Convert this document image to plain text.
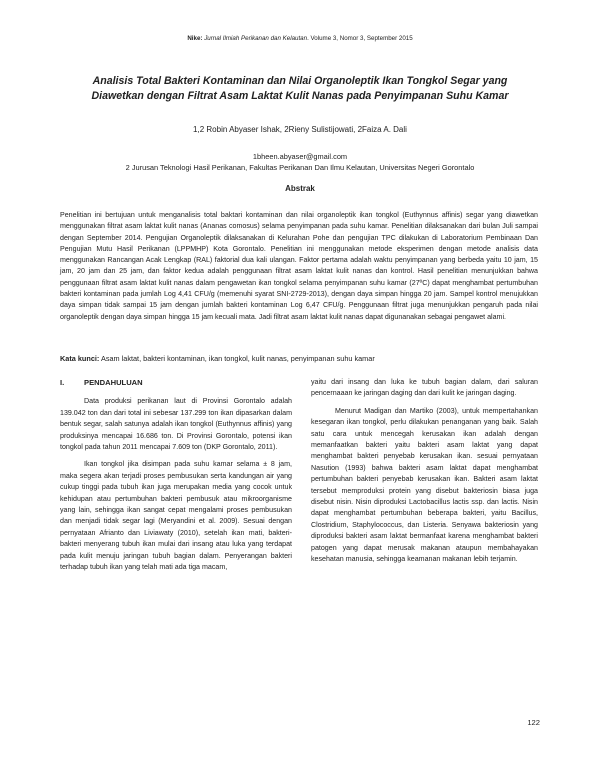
Nike: Jurnal Ilmiah Perikanan dan Kelautan. Volume 3, Nomor 3, September 2015
Analisis Total Bakteri Kontaminan dan Nilai Organoleptik Ikan Tongkol Segar yang
Diawetkan dengan Filtrat Asam Laktat Kulit Nanas pada Penyimpanan Suhu Kamar
1,2 Robin Abyaser Ishak, 2Rieny Sulistijowati, 2Faiza A. Dali
1bheen.abyaser@gmail.com
2 Jurusan Teknologi Hasil Perikanan, Fakultas Perikanan Dan Ilmu Kelautan, Universitas Negeri Gorontalo
Abstrak
Penelitian ini bertujuan untuk menganalisis total baktari kontaminan dan nilai organoleptik ikan tongkol (Euthynnus affinis) segar yang diawetkan menggunakan filtrat asam laktat kulit nanas (Ananas comosus) selama penyimpanan pada suhu kamar. Penelitian dilaksanakan dari bulan Juli sampai dengan September 2014. Pengujian Organoleptik dilaksanakan di Kelurahan Pohe dan pengujian TPC dilakukan di Laboratorium Pembinaan Dan Pengujian Mutu Hasil Perikanan (LPPMHP) Kota Gorontalo. Penelitian ini menggunakan metode eksperimen dengan metode analisis data menggunakan Rancangan Acak Lengkap (RAL) faktorial dua kali ulangan. Faktor pertama adalah waktu penyimpanan yang berbeda yaitu 10 jam, 15 jam, 20 jam dan 25 jam, dan faktor kedua adalah penggunaan filtrat asam laktat kulit nanas dan kontrol. Hasil penelitian menunjukkan bahwa penggunaan filtrat asam laktat kulit nanas dalam pengawetan ikan tongkol selama penyimpanan suhu kamar (27ºC) dapat menghambat pertumbuhan bakteri kontaminan pada jumlah Log 4,41 CFU/g (memenuhi syarat SNI-2729-2013), dengan daya simpan hingga 20 jam. Sampel kontrol menujukkan daya simpan tidak sampai 15 jam dengan jumlah bakteri kontaminan Log 6,47 CFU/g. Penggunaan filtrat juga menunjukkan pengaruh pada nilai organoleptik dengan daya simpan hingga 15 jam kecuali mata. Jadi filtrat asam laktat kulit nanas dapat digunanakan sebagai pengawet alami.
Kata kunci: Asam laktat, bakteri kontaminan, ikan tongkol, kulit nanas, penyimpanan suhu kamar
I.	PENDAHULUAN

Data produksi perikanan laut di Provinsi Gorontalo adalah 139.042 ton dan dari total ini sebesar 137.299 ton ikan dipasarkan dalam bentuk segar, salah satunya adalah ikan tongkol (Euthynnus affinis) yang produksinya mencapai 16.686 ton. Di Provinsi Gorontalo, potensi ikan tongkol pada tahun 2011 mencapai 7.609 ton (DKP Gorontalo, 2011).

Ikan tongkol jika disimpan pada suhu kamar selama ± 8 jam, maka segera akan terjadi proses pembusukan serta kandungan air yang cukup tinggi pada tubuh ikan juga merupakan media yang cocok untuk kehidupan atau pertumbuhan bakteri pembusuk atau mikroorganisme yang lain, sehingga ikan sangat cepat mengalami proses pembusukan dan menjadi tidak segar lagi (Meryandini et al. 2009). Sesuai dengan pernyataan Afrianto dan Liviawaty (2010), setelah ikan mati, bakteri-bakteri menyerang tubuh ikan mulai dari insang atau luka yang terdapat pada kulit menuju jaringan tubuh bagian dalam. Penyerangan bakteri terhadap tubuh ikan yang telah mati ada tiga macam,

yaitu dari insang dan luka ke tubuh bagian dalam, dari saluran pencernaaan ke jaringan daging dan dari kulit ke jaringan daging.

Menurut Madigan dan Martiko (2003), untuk mempertahankan kesegaran ikan tongkol, perlu dilakukan penanganan yang baik. Salah satu cara untuk mencegah kerusakan ikan adalah dengan memanfaatkan bakteri yaitu bakteri asam laktat yang dapat menghambat bakteri penyebab kerusakan ikan. sesuai pernyataan Nasution (1993) bahwa bakteri asam laktat dapat menghambat pertumbuhan bakteri penyebab kerusakan ikan. Bakteri asam laktat tersebut memproduksi protein yang disebut bakteriosin biasa juga disebut nisin. Nisin diproduksi Lactobacillus lactis ssp. dan lactis. Nisin dapat menghambat pertumbuhan beberapa bakteri, yaitu Bacillus, Clostridium, Staphylococcus, dan Listeria. Senyawa bakteriosin yang diproduksi bakteri asam laktat bermanfaat karena menghambat bakteri patogen yang dapat merusak makanan ataupun membahayakan kesehatan manusia, sehingga keamanan makanan lebih terjamin.

122
